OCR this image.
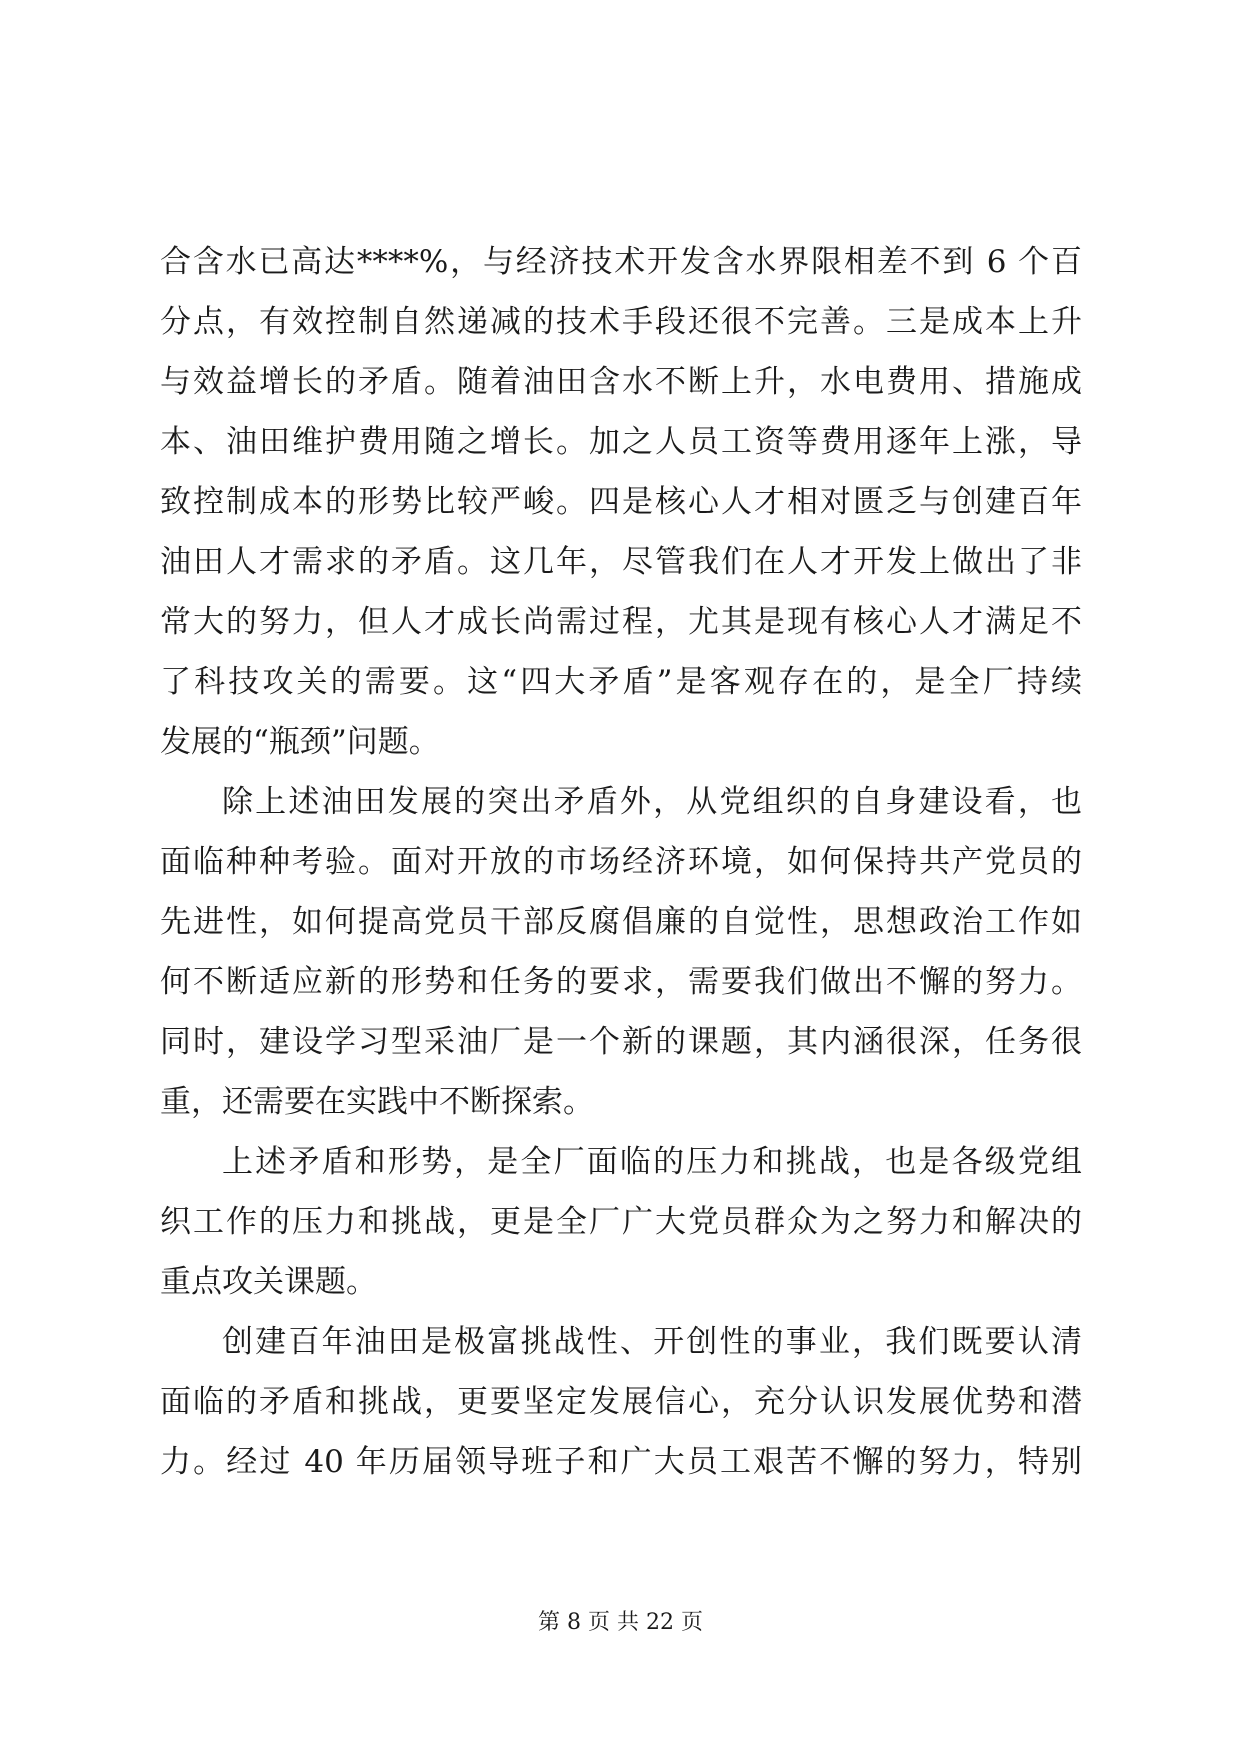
合含水已高达****%，与经济技术开发含水界限相差不到 6 个百
分点，有效控制自然递减的技术手段还很不完善。三是成本上升
与效益增长的矛盾。随着油田含水不断上升，水电费用、措施成
本、油田维护费用随之增长。加之人员工资等费用逐年上涨，导
致控制成本的形势比较严峻。四是核心人才相对匮乏与创建百年
油田人才需求的矛盾。这几年，尽管我们在人才开发上做出了非
常大的努力，但人才成长尚需过程，尤其是现有核心人才满足不
了科技攻关的需要。这“四大矛盾”是客观存在的，是全厂持续
发展的“瓶颈”问题。
除上述油田发展的突出矛盾外，从党组织的自身建设看，也
面临种种考验。面对开放的市场经济环境，如何保持共产党员的
先进性，如何提高党员干部反腐倡廉的自觉性，思想政治工作如
何不断适应新的形势和任务的要求，需要我们做出不懈的努力。
同时，建设学习型采油厂是一个新的课题，其内涵很深，任务很
重，还需要在实践中不断探索。
上述矛盾和形势，是全厂面临的压力和挑战，也是各级党组
织工作的压力和挑战，更是全厂广大党员群众为之努力和解决的
重点攻关课题。
创建百年油田是极富挑战性、开创性的事业，我们既要认清
面临的矛盾和挑战，更要坚定发展信心，充分认识发展优势和潜
力。经过 40 年历届领导班子和广大员工艰苦不懈的努力，特别
第 8 页 共 22 页
